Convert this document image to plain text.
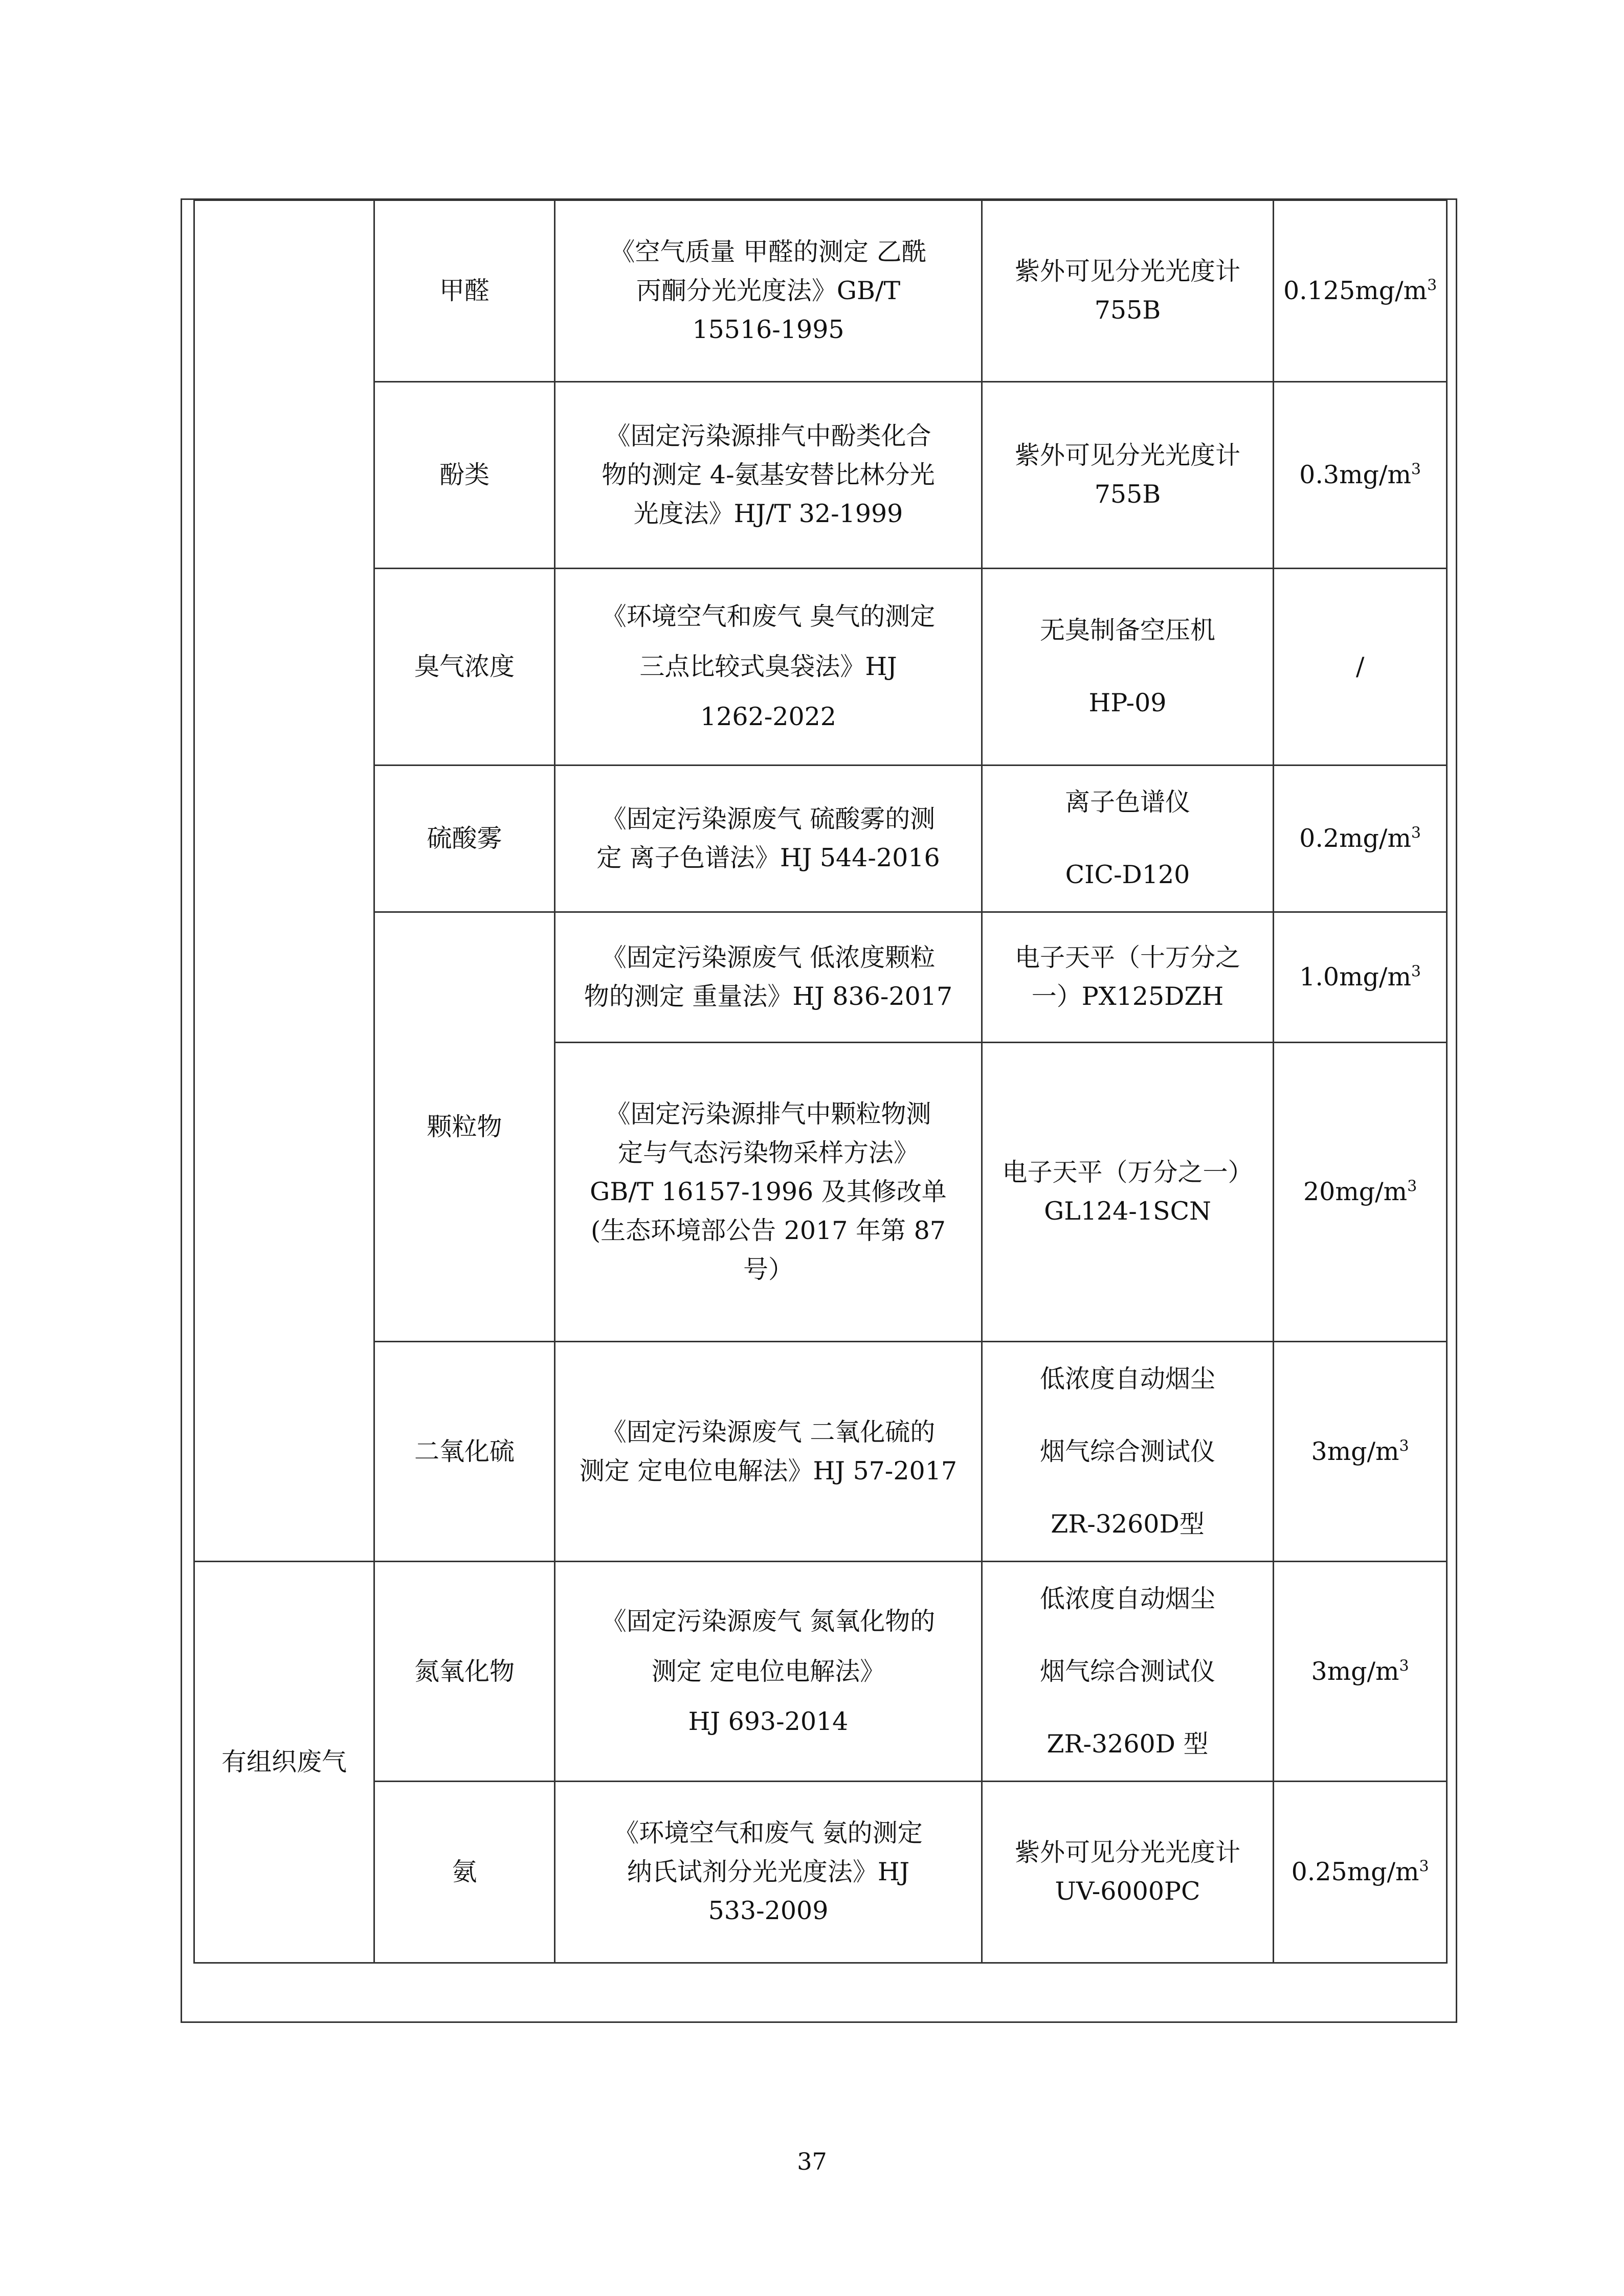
	甲醛	《空气质量 甲醛的测定 乙酰
丙酮分光光度法》GB/T
15516-1995	紫外可见分光光度计
755B	$0.125mg/m^3$
	酚类	《固定污染源排气中酚类化合
物的测定 4-氨基安替比林分光
光度法》HJ/T 32-1999	紫外可见分光光度计
755B	$0.3mg/m^3$
	臭气浓度	《环境空气和废气 臭气的测定
三点比较式臭袋法》HJ
1262-2022	无臭制备空压机
HP-09	/
	硫酸雾	《固定污染源废气 硫酸雾的测
定 离子色谱法》HJ 544-2016	离子色谱仪
CIC-D120	$0.2mg/m^3$
	颗粒物	《固定污染源废气 低浓度颗粒
物的测定 重量法》HJ 836-2017	电子天平（十万分之
一）PX125DZH	$1.0mg/m^3$
		《固定污染源排气中颗粒物测
定与气态污染物采样方法》
GB/T 16157-1996 及其修改单
(生态环境部公告 2017 年第 87
号）	电子天平（万分之一）
GL124-1SCN	$20mg/m^3$
	二氧化硫	《固定污染源废气 二氧化硫的
测定 定电位电解法》HJ 57-2017	低浓度自动烟尘
烟气综合测试仪
ZR-3260D型	$3mg/m^3$
有组织废气	氮氧化物	《固定污染源废气 氮氧化物的
测定 定电位电解法》
HJ 693-2014	低浓度自动烟尘
烟气综合测试仪
ZR-3260D 型	$3mg/m^3$
	氨	《环境空气和废气 氨的测定
纳氏试剂分光光度法》HJ
533-2009	紫外可见分光光度计
UV-6000PC	$0.25mg/m^3$
37
